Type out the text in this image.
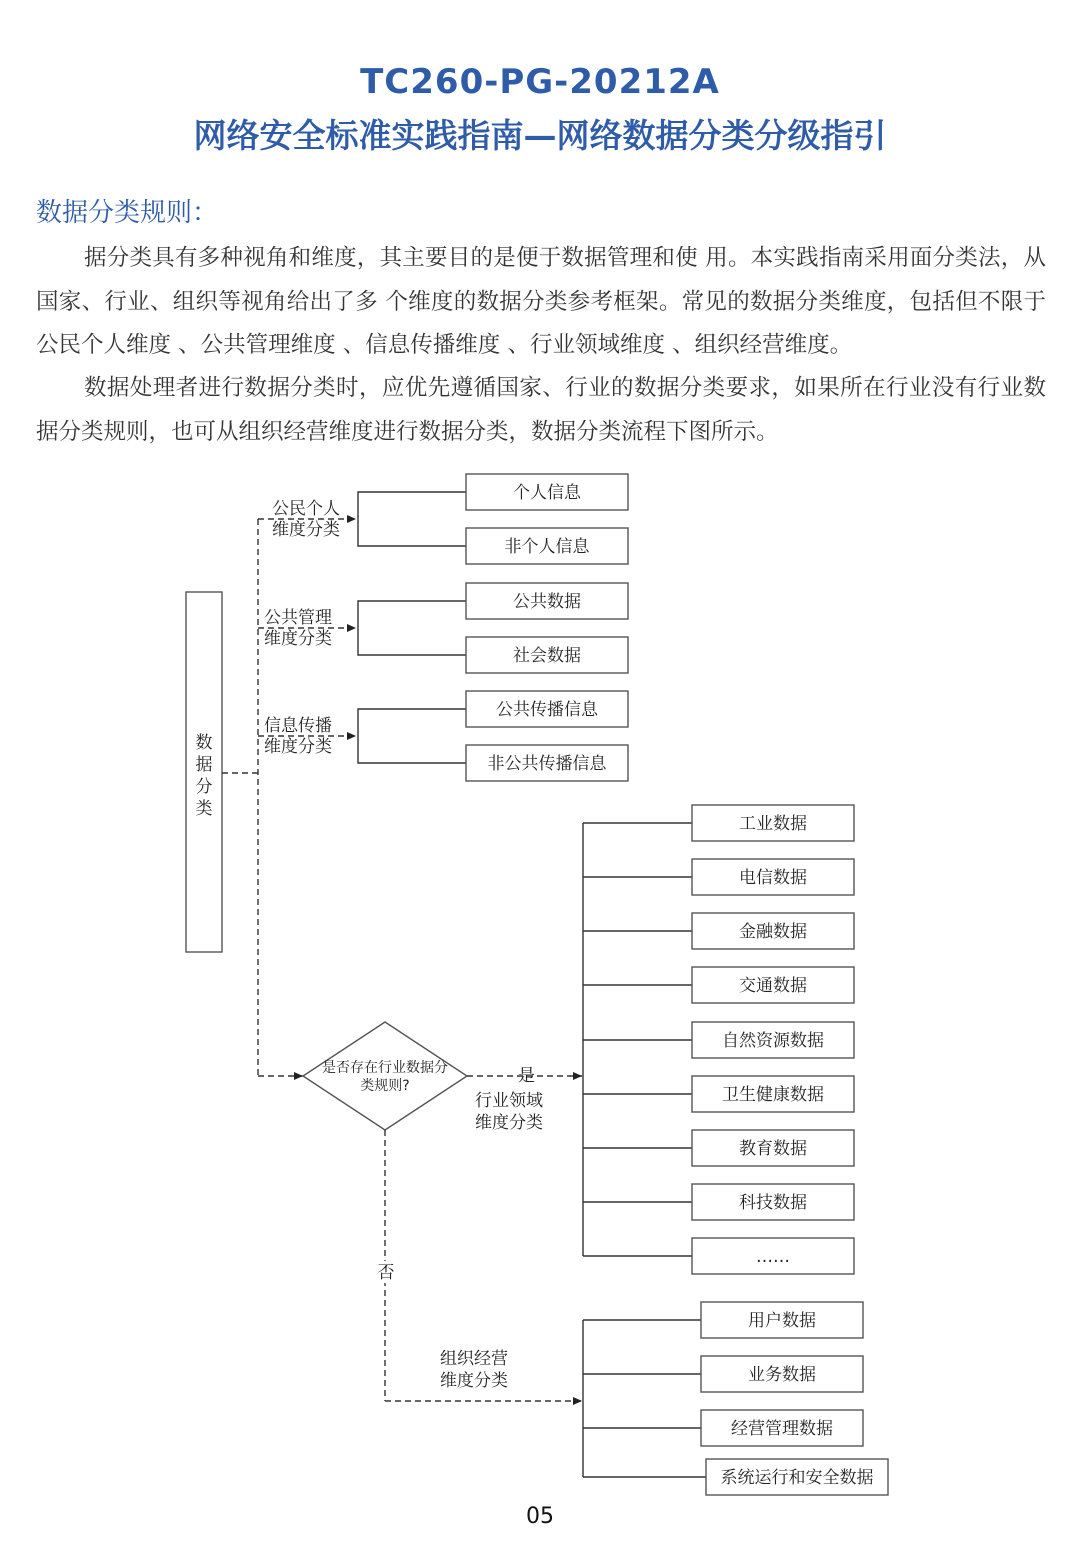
TC260-PG-20212A
网络安全标准实践指南—网络数据分类分级指引
数据分类规则：

据分类具有多种视角和维度，其主要目的是便于数据管理和使 用。本实践指南采用面分类法，从国家、行业、组织等视角给出了多 个维度的数据分类参考框架。常见的数据分类维度，包括但不限于公民个人维度 、公共管理维度 、信息传播维度 、行业领域维度 、组织经营维度。

数据处理者进行数据分类时，应优先遵循国家、行业的数据分类要求，如果所在行业没有行业数据分类规则，也可从组织经营维度进行数据分类，数据分类流程下图所示。

数
据
分
类
公民个人
维度分类
个人信息
非个人信息
公共管理
维度分类
公共数据
社会数据
信息传播
维度分类
公共传播信息
非公共传播信息
是否存在行业数据分
类规则?	是
行业领域
维度分类
工业数据
电信数据
金融数据
交通数据
自然资源数据
卫生健康数据
教育数据
科技数据
……
否
组织经营
维度分类
用户数据
业务数据
经营管理数据
系统运行和安全数据

05
